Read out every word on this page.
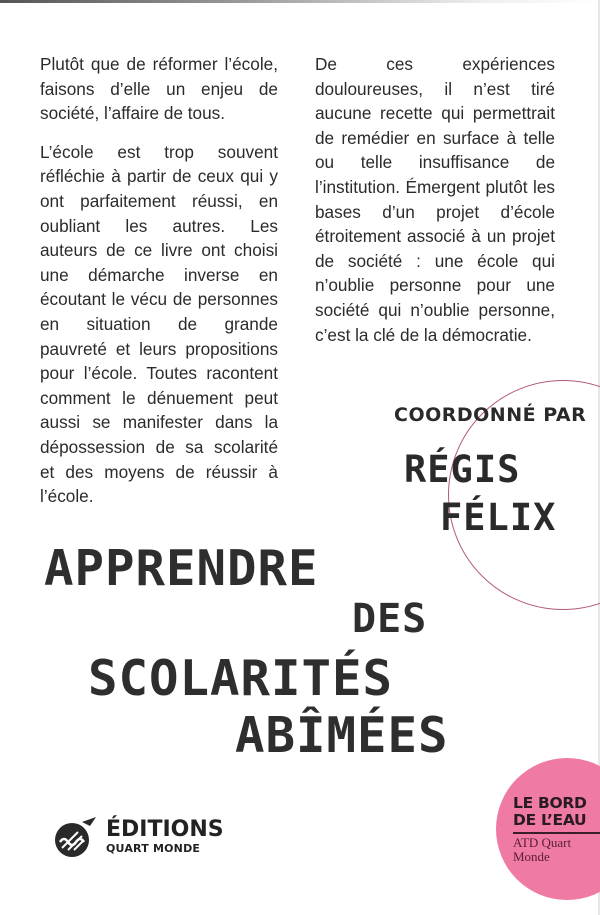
Plutôt que de réformer l’école, faisons d’elle un enjeu de société, l’affaire de tous.

L’école est trop souvent réfléchie à partir de ceux qui y ont parfaitement réussi, en oubliant les autres. Les auteurs de ce livre ont choisi une démarche inverse en écoutant le vécu de personnes en situation de grande pauvreté et leurs propositions pour l’école. Toutes racontent comment le dénuement peut aussi se manifester dans la dépossession de sa scolarité et des moyens de réussir à l’école.

De ces expériences douloureuses, il n’est tiré aucune recette qui permettrait de remédier en surface à telle ou telle insuffisance de l’institution. Émergent plutôt les bases d’un projet d’école étroitement associé à un projet de société : une école qui n’oublie personne pour une société qui n’oublie personne, c’est la clé de la démocratie.

COORDONNÉ PAR
RÉGIS
FÉLIX
APPRENDRE
DES
SCOLARITÉS
ABÎMÉES
ÉDITIONS
QUART MONDE
LE BORD
DE L’EAU
ATD Quart
Monde
